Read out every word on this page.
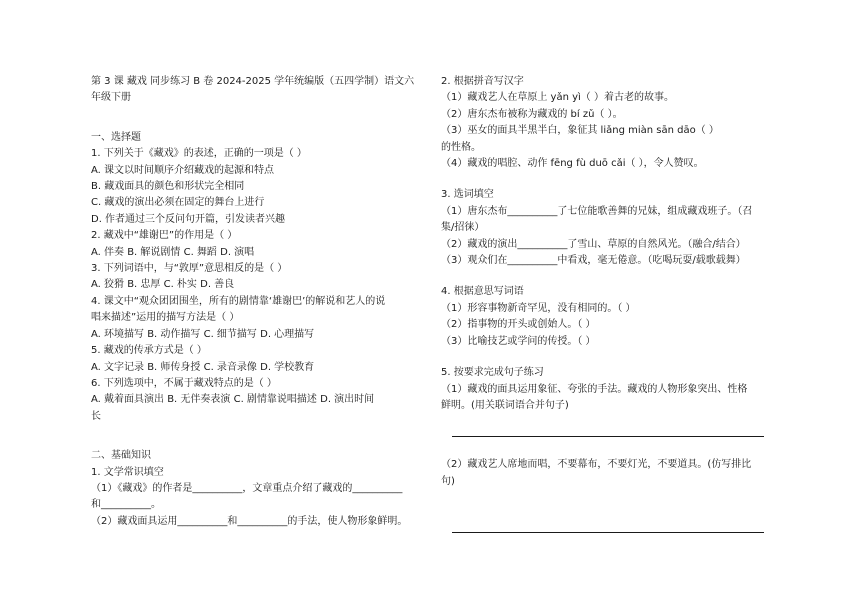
第 3 课 藏戏 同步练习 B 卷 2024-2025 学年统编版（五四学制）语文六
年级下册
一、选择题
1. 下列关于《藏戏》的表述，正确的一项是（ ）
A. 课文以时间顺序介绍藏戏的起源和特点
B. 藏戏面具的颜色和形状完全相同
C. 藏戏的演出必须在固定的舞台上进行
D. 作者通过三个反问句开篇，引发读者兴趣
2. 藏戏中“雄谢巴”的作用是（ ）
A. 伴奏 B. 解说剧情 C. 舞蹈 D. 演唱
3. 下列词语中，与“敦厚”意思相反的是（ ）
A. 狡猾 B. 忠厚 C. 朴实 D. 善良
4. 课文中“观众团团围坐，所有的剧情靠‘雄谢巴’的解说和艺人的说
唱来描述”运用的描写方法是（ ）
A. 环境描写 B. 动作描写 C. 细节描写 D. 心理描写
5. 藏戏的传承方式是（ ）
A. 文字记录 B. 师传身授 C. 录音录像 D. 学校教育
6. 下列选项中，不属于藏戏特点的是（ ）
A. 戴着面具演出 B. 无伴奏表演 C. 剧情靠说唱描述 D. 演出时间
长
二、基础知识
1. 文学常识填空
（1）《藏戏》的作者是__________，文章重点介绍了藏戏的__________
和__________。
（2）藏戏面具运用__________和__________的手法，使人物形象鲜明。
2. 根据拼音写汉字
（1）藏戏艺人在草原上 yǎn yì（ ）着古老的故事。
（2）唐东杰布被称为藏戏的 bí zǔ（ ）。
（3）巫女的面具半黑半白，象征其 liǎng miàn sān dāo（ ）
的性格。
（4）藏戏的唱腔、动作 fēng fù duō cǎi（ ），令人赞叹。
3. 选词填空
（1）唐东杰布__________了七位能歌善舞的兄妹，组成藏戏班子。（召
集/招徕）
（2）藏戏的演出__________了雪山、草原的自然风光。（融合/结合）
（3）观众们在__________中看戏，毫无倦意。（吃喝玩耍/载歌载舞）
4. 根据意思写词语
（1）形容事物新奇罕见，没有相同的。（ ）
（2）指事物的开头或创始人。（ ）
（3）比喻技艺或学问的传授。（ ）
5. 按要求完成句子练习
（1）藏戏的面具运用象征、夸张的手法。藏戏的人物形象突出、性格
鲜明。(用关联词语合并句子)
（2）藏戏艺人席地而唱，不要幕布，不要灯光，不要道具。(仿写排比
句)
